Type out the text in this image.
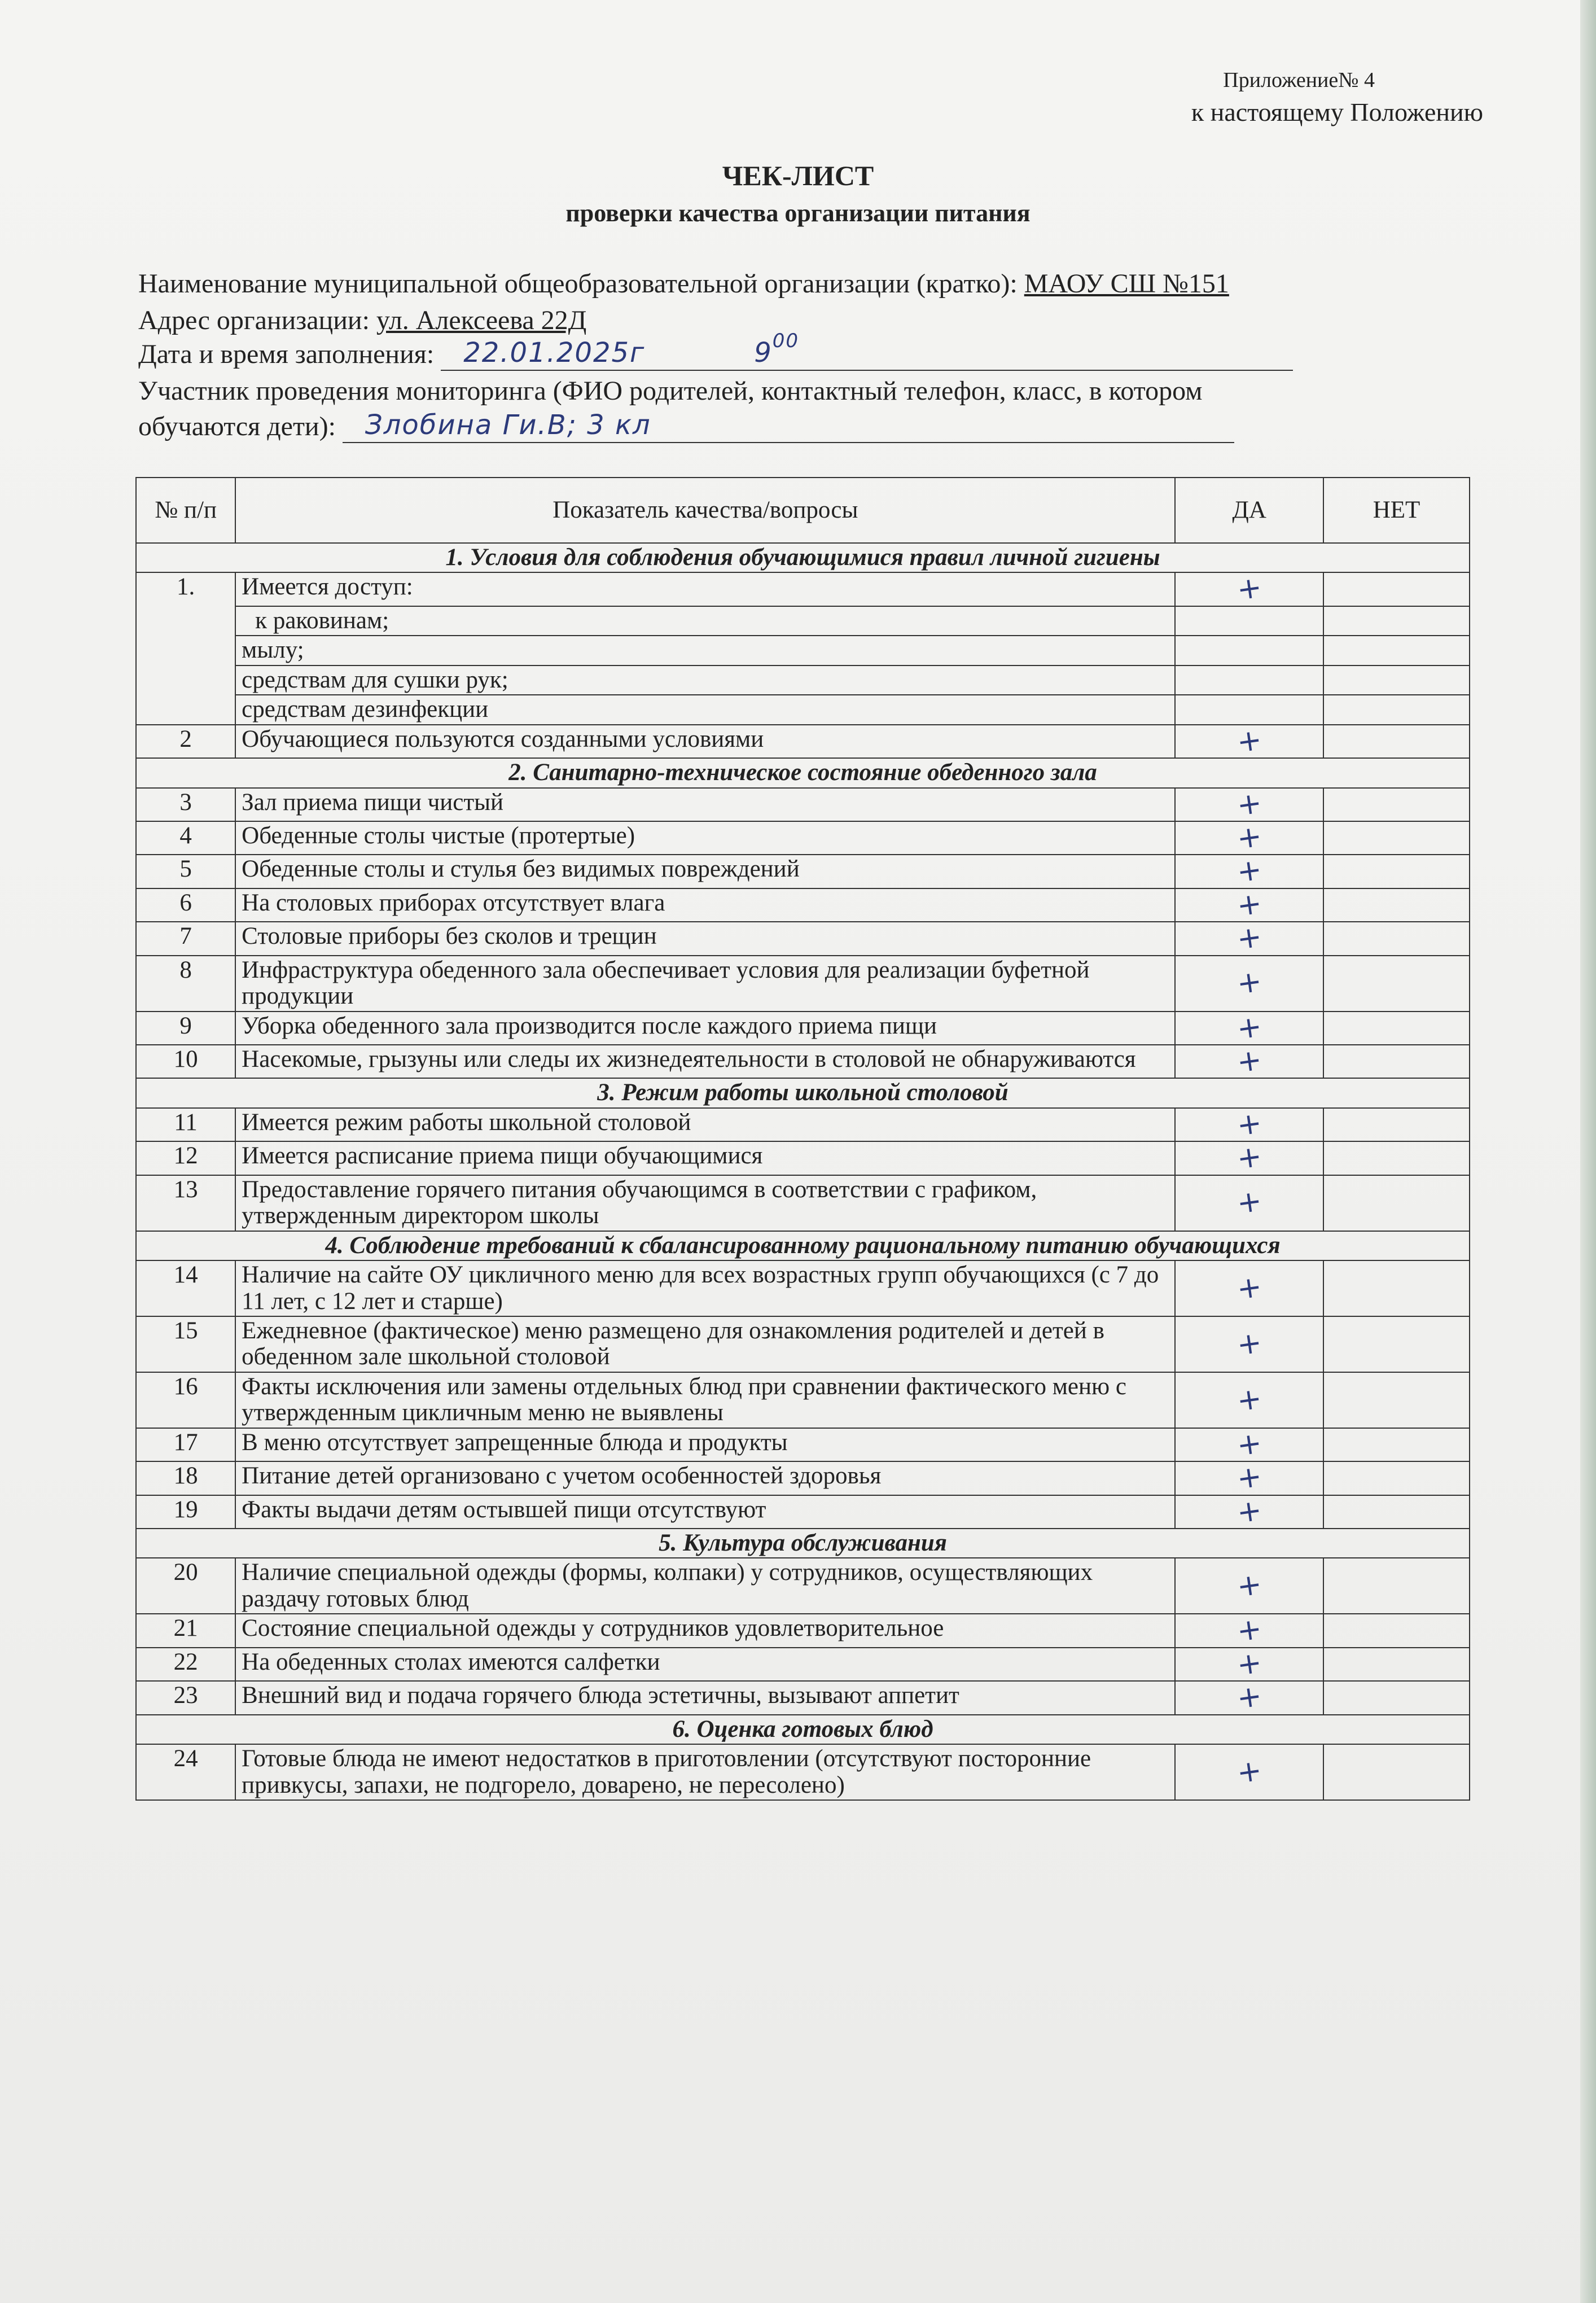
Приложение№ 4
к настоящему Положению
ЧЕК-ЛИСТ
проверки качества организации питания
Наименование муниципальной общеобразовательной организации (кратко): МАОУ СШ №151
Адрес организации: ул. Алексеева 22Д
Дата и время заполнения: 22.01.2025г	$9^{00}$

Участник проведения мониторинга (ФИО родителей, контактный телефон, класс, в котором
обучаются дети): Злобина Ги.В; 3 кл

№ п/п	Показатель качества/вопросы	ДА	НЕТ
1. Условия для соблюдения обучающимися правил личной гигиены			
1.	Имеется доступ:	+	
	к раковинам;		
	мылу;		
	средствам для сушки рук;		
	средствам дезинфекции		
2	Обучающиеся пользуются созданными условиями	+	
2. Санитарно-техническое состояние обеденного зала			
3	Зал приема пищи чистый	+	
4	Обеденные столы чистые (протертые)	+	
5	Обеденные столы и стулья без видимых повреждений	+	
6	На столовых приборах отсутствует влага	+	
7	Столовые приборы без сколов и трещин	+	
8	Инфраструктура обеденного зала обеспечивает условия для реализации буфетной продукции	+	
9	Уборка обеденного зала производится после каждого приема пищи	+	
10	Насекомые, грызуны или следы их жизнедеятельности в столовой не обнаруживаются	+	
3. Режим работы школьной столовой			
11	Имеется режим работы школьной столовой	+	
12	Имеется расписание приема пищи обучающимися	+	
13	Предоставление горячего питания обучающимся в соответствии с графиком, утвержденным директором школы	+	
4. Соблюдение требований к сбалансированному рациональному питанию обучающихся			
14	Наличие на сайте ОУ цикличного меню для всех возрастных групп обучающихся (с 7 до 11 лет, с 12 лет и старше)	+	
15	Ежедневное (фактическое) меню размещено для ознакомления родителей и детей в обеденном зале школьной столовой	+	
16	Факты исключения или замены отдельных блюд при сравнении фактического меню с утвержденным цикличным меню не выявлены	+	
17	В меню отсутствует запрещенные блюда и продукты	+	
18	Питание детей организовано с учетом особенностей здоровья	+	
19	Факты выдачи детям остывшей пищи отсутствуют	+	
5. Культура обслуживания			
20	Наличие специальной одежды (формы, колпаки) у сотрудников, осуществляющих раздачу готовых блюд	+	
21	Состояние специальной одежды у сотрудников удовлетворительное	+	
22	На обеденных столах имеются салфетки	+	
23	Внешний вид и подача горячего блюда эстетичны, вызывают аппетит	+	
6. Оценка готовых блюд			
24	Готовые блюда не имеют недостатков в приготовлении (отсутствуют посторонние привкусы, запахи, не подгорело, доварено, не пересолено)	+	
